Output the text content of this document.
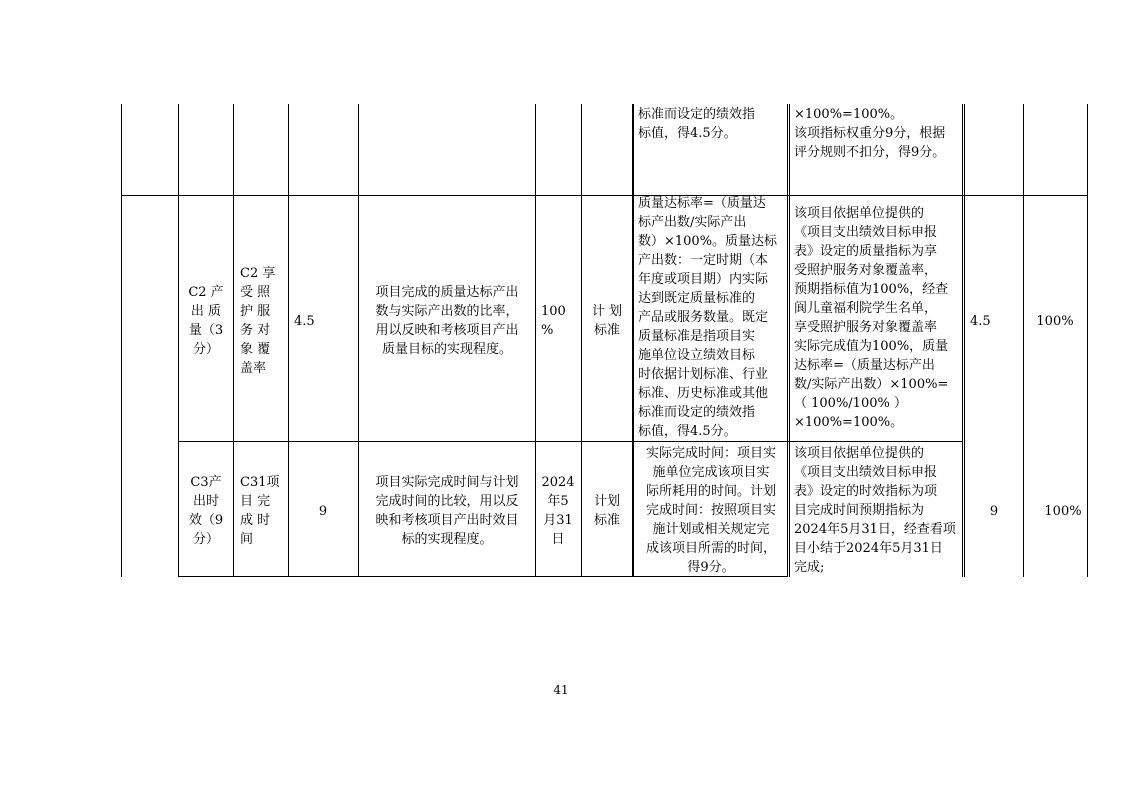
标准而设定的绩效指
标值，得4.5分。
×100%=100%。
该项指标权重分9分，根据
评分规则不扣分，得9分。
C2 产
出 质
量（3
分）
C2 享
受 照
护 服
务 对
象 覆
盖率
4.5
项目完成的质量达标产出
数与实际产出数的比率，
用以反映和考核项目产出
质量目标的实现程度。
100
%
计 划
标准
质量达标率=（质量达
标产出数/实际产出
数）×100%。质量达标
产出数：一定时期（本
年度或项目期）内实际
达到既定质量标准的
产品或服务数量。既定
质量标准是指项目实
施单位设立绩效目标
时依据计划标准、行业
标准、历史标准或其他
标准而设定的绩效指
标值，得4.5分。
该项目依据单位提供的
《项目支出绩效目标申报
表》设定的质量指标为享
受照护服务对象覆盖率，
预期指标值为100%，经查
阆儿童福利院学生名单，
享受照护服务对象覆盖率
实际完成值为100%，质量
达标率=（质量达标产出
数/实际产出数）×100%=
（ 100%/100% ）
×100%=100%。
4.5	100%
C3产
出时
效（9
分）
C31项
目 完
成 时
间
9
项目实际完成时间与计划
完成时间的比较，用以反
映和考核项目产出时效目
标的实现程度。
2024
年5
月31
日
计划
标准
实际完成时间：项目实
施单位完成该项目实
际所耗用的时间。计划
完成时间：按照项目实
施计划或相关规定完
成该项目所需的时间，
得9分。
该项目依据单位提供的
《项目支出绩效目标申报
表》设定的时效指标为项
目完成时间预期指标为
2024年5月31日，经查看项
目小结于2024年5月31日
完成;
9	100%
41
